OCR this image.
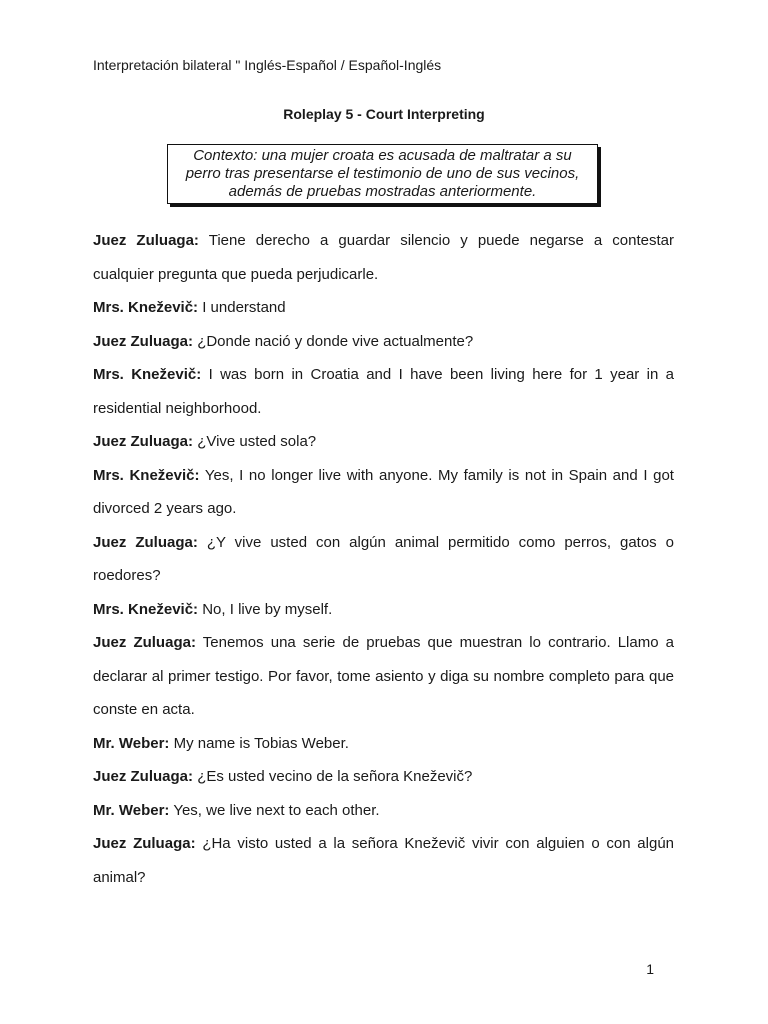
Interpretación bilateral " Inglés-Español / Español-Inglés
Roleplay 5 - Court Interpreting
Contexto: una mujer croata es acusada de maltratar a su perro tras presentarse el testimonio de uno de sus vecinos, además de pruebas mostradas anteriormente.

Juez Zuluaga: Tiene derecho a guardar silencio y puede negarse a contestar cualquier pregunta que pueda perjudicarle.

Mrs. Kneževič: I understand

Juez Zuluaga: ¿Donde nació y donde vive actualmente?

Mrs. Kneževič: I was born in Croatia and I have been living here for 1 year in a residential neighborhood.

Juez Zuluaga: ¿Vive usted sola?

Mrs. Kneževič: Yes, I no longer live with anyone. My family is not in Spain and I got divorced 2 years ago.

Juez Zuluaga: ¿Y vive usted con algún animal permitido como perros, gatos o roedores?

Mrs. Kneževič: No, I live by myself.

Juez Zuluaga: Tenemos una serie de pruebas que muestran lo contrario. Llamo a declarar al primer testigo. Por favor, tome asiento y diga su nombre completo para que conste en acta.

Mr. Weber: My name is Tobias Weber.

Juez Zuluaga: ¿Es usted vecino de la señora Kneževič?

Mr. Weber: Yes, we live next to each other.

Juez Zuluaga: ¿Ha visto usted a la señora Kneževič vivir con alguien o con algún animal?

1
